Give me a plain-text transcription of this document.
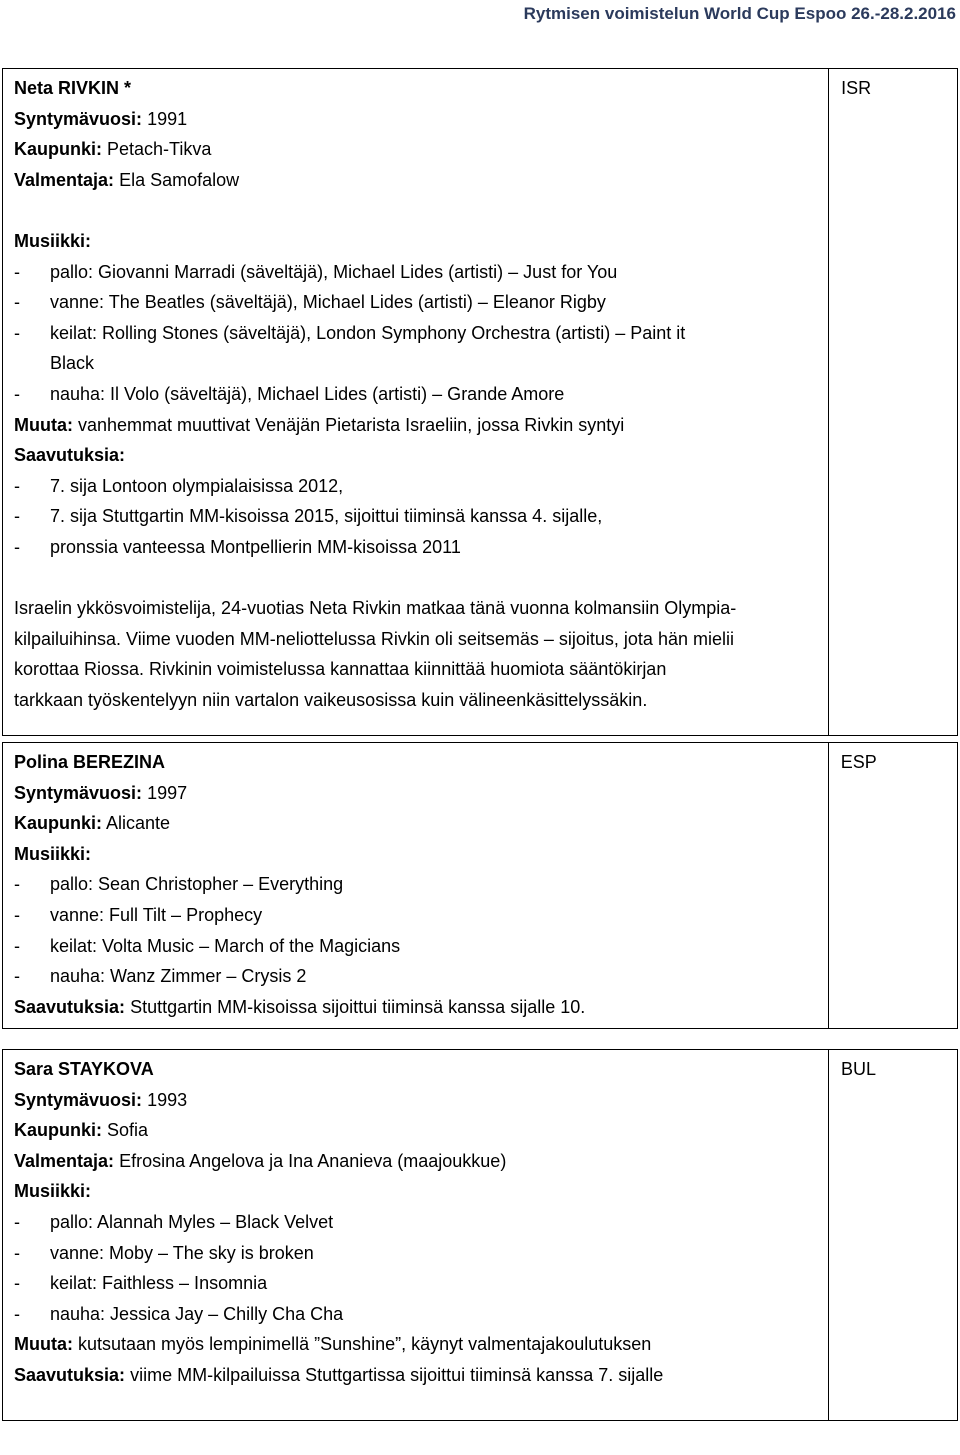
Rytmisen voimistelun World Cup Espoo 26.-28.2.2016
Neta RIVKIN *
Syntymävuosi: 1991
Kaupunki: Petach-Tikva
Valmentaja: Ela Samofalow
Musiikki:
- pallo: Giovanni Marradi (säveltäjä), Michael Lides (artisti) – Just for You
- vanne: The Beatles (säveltäjä), Michael Lides (artisti) – Eleanor Rigby
- keilat: Rolling Stones (säveltäjä), London Symphony Orchestra (artisti) – Paint it
Black
- nauha: Il Volo (säveltäjä), Michael Lides (artisti) – Grande Amore
Muuta: vanhemmat muuttivat Venäjän Pietarista Israeliin, jossa Rivkin syntyi
Saavutuksia:
- 7. sija Lontoon olympialaisissa 2012,
- 7. sija Stuttgartin MM-kisoissa 2015, sijoittui tiiminsä kanssa 4. sijalle,
- pronssia vanteessa Montpellierin MM-kisoissa 2011
Israelin ykkösvoimistelija, 24-vuotias Neta Rivkin matkaa tänä vuonna kolmansiin Olympia-
kilpailuihinsa. Viime vuoden MM-neliottelussa Rivkin oli seitsemäs – sijoitus, jota hän mielii
korottaa Riossa. Rivkinin voimistelussa kannattaa kiinnittää huomiota sääntökirjan
tarkkaan työskentelyyn niin vartalon vaikeusosissa kuin välineenkäsittelyssäkin.

ISR
Polina BEREZINA
Syntymävuosi: 1997
Kaupunki: Alicante
Musiikki:
- pallo: Sean Christopher – Everything
- vanne: Full Tilt – Prophecy
- keilat: Volta Music – March of the Magicians
- nauha: Wanz Zimmer – Crysis 2
Saavutuksia: Stuttgartin MM-kisoissa sijoittui tiiminsä kanssa sijalle 10.

ESP
Sara STAYKOVA
Syntymävuosi: 1993
Kaupunki: Sofia
Valmentaja: Efrosina Angelova ja Ina Ananieva (maajoukkue)
Musiikki:
- pallo: Alannah Myles – Black Velvet
- vanne: Moby – The sky is broken
- keilat: Faithless – Insomnia
- nauha: Jessica Jay – Chilly Cha Cha
Muuta: kutsutaan myös lempinimellä ”Sunshine”, käynyt valmentajakoulutuksen
Saavutuksia: viime MM-kilpailuissa Stuttgartissa sijoittui tiiminsä kanssa 7. sijalle

BUL
